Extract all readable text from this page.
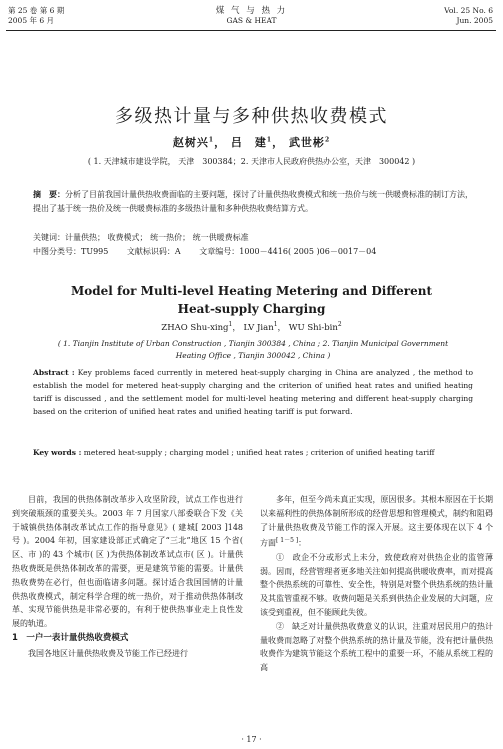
第 25 卷 第 6 期
2005 年 6 月
煤 气 与 热 力
GAS & HEAT
Vol. 25 No. 6
Jun. 2005
多级热计量与多种供热收费模式
赵树兴$^1$， 吕　建$^1$， 武世彬$^2$
( 1. 天津城市建设学院， 天津　300384；2. 天津市人民政府供热办公室，天津　300042 )
摘　要：分析了目前我国计量供热收费面临的主要问题，探讨了计量供热收费模式和统一热价与统一供暖费标准的制订方法，提出了基于统一热价及统一供暖费标准的多级热计量和多种供热收费结算方式。
关键词：计量供热； 收费模式； 统一热价； 统一供暖费标准
中图分类号：TU995    文献标识码：A    文章编号：1000－4416( 2005 )06－0017－04
Model for Multi-level Heating Metering and Different
Heat-supply Charging
ZHAO Shu-xing$^1$， LV Jian$^1$， WU Shi-bin$^2$
( 1. Tianjin Institute of Urban Construction , Tianjin 300384 , China ; 2. Tianjin Municipal Government
Heating Office , Tianjin 300042 , China )
Abstract : Key problems faced currently in metered heat-supply charging in China are analyzed , the method to establish the model for metered heat-supply charging and the criterion of unified heat rates and unified heating tariff is discussed , and the settlement model for multi-level heating metering and different heat-supply charging based on the criterion of unified heat rates and unified heating tariff is put forward.
Key words : metered heat-supply ; charging model ; unified heat rates ; criterion of unified heating tariff

目前，我国的供热体制改革步入攻坚阶段，试点工作也进行到突破瓶颈的重要关头。2003 年 7 月国家八部委联合下发《关于城镇供热体制改革试点工作的指导意见》( 建城[ 2003 ]148 号 )。2004 年初，国家建设部正式确定了“三北”地区 15 个省( 区、市 )的 43 个城市( 区 )为供热体制改革试点市( 区 )。计量供热收费既是供热体制改革的需要，更是建筑节能的需要。计量供热收费势在必行，但也面临诸多问题。探讨适合我国国情的计量供热收费模式，制定科学合理的统一热价，对于推动供热体制改革、实现节能供热是非常必要的，有利于使供热事业走上良性发展的轨道。

1　一户一表计量供热收费模式

我国各地区计量供热收费及节能工作已经进行

多年，但至今尚未真正实现，原因很多。其根本原因在于长期以来福利性的供热体制所形成的经营思想和管理模式，制约和阻碍了计量供热收费及节能工作的深入开展。这主要体现在以下 4 个方面[ 1－5 ]：

①　政企不分或形式上未分，致使政府对供热企业的监管薄弱。因而，经营管理者更多地关注如何提高供暖收费率，而对提高整个供热系统的可靠性、安全性，特别是对整个供热系统的热计量及其监管重视不够。收费问题是关系到供热企业发展的大问题，应该受到重视，但不能顾此失彼。

②　缺乏对计量供热收费意义的认识，注重对居民用户的热计量收费而忽略了对整个供热系统的热计量及节能，没有把计量供热收费作为建筑节能这个系统工程中的重要一环，不能从系统工程的高

· 17 ·
